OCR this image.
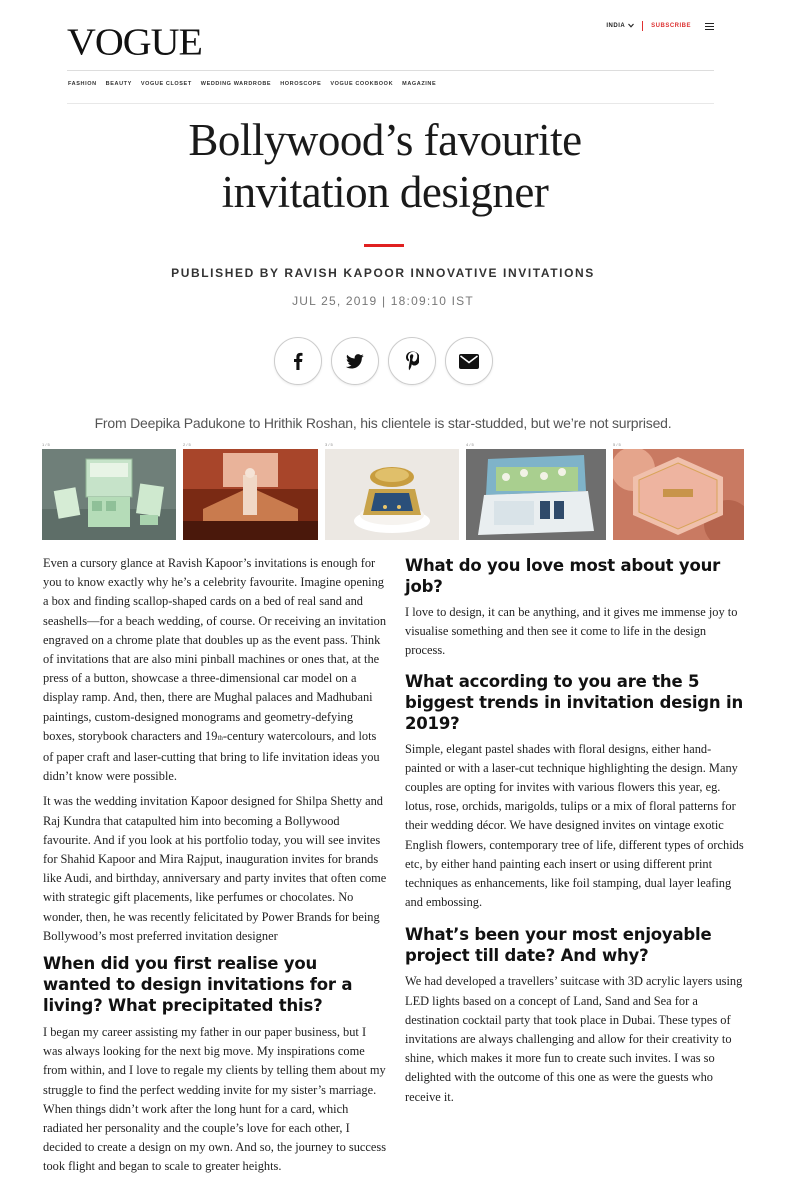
VOGUE	INDIA	SUBSCRIBE
FASHION BEAUTY VOGUE CLOSET WEDDING WARDROBE HOROSCOPE VOGUE COOKBOOK MAGAZINE
Bollywood’s favourite
invitation designer
PUBLISHED BY RAVISH KAPOOR INNOVATIVE INVITATIONS
JUL 25, 2019 | 18:09:10 IST
From Deepika Padukone to Hrithik Roshan, his clientele is star-studded, but we’re not surprised.
1 / 5	2 / 5	3 / 5	4 / 5	5 / 5

Even a cursory glance at Ravish Kapoor’s invitations is enough for you to know exactly why he’s a celebrity favourite. Imagine opening a box and finding scallop-shaped cards on a bed of real sand and seashells—for a beach wedding, of course. Or receiving an invitation engraved on a chrome plate that doubles up as the event pass. Think of invitations that are also mini pinball machines or ones that, at the press of a button, showcase a three-dimensional car model on a display ramp. And, then, there are Mughal palaces and Madhubani paintings, custom-designed monograms and geometry-defying boxes, storybook characters and 19th-century watercolours, and lots of paper craft and laser-cutting that bring to life invitation ideas you didn’t know were possible.

It was the wedding invitation Kapoor designed for Shilpa Shetty and Raj Kundra that catapulted him into becoming a Bollywood favourite. And if you look at his portfolio today, you will see invites for Shahid Kapoor and Mira Rajput, inauguration invites for brands like Audi, and birthday, anniversary and party invites that often come with strategic gift placements, like perfumes or chocolates. No wonder, then, he was recently felicitated by Power Brands for being Bollywood’s most preferred invitation designer

When did you first realise you wanted to design invitations for a living? What precipitated this?

I began my career assisting my father in our paper business, but I was always looking for the next big move. My inspirations come from within, and I love to regale my clients by telling them about my struggle to find the perfect wedding invite for my sister’s marriage. When things didn’t work after the long hunt for a card, which radiated her personality and the couple’s love for each other, I decided to create a design on my own. And so, the journey to success took flight and began to scale to greater heights.

What do you love most about your job?

I love to design, it can be anything, and it gives me immense joy to visualise something and then see it come to life in the design process.

What according to you are the 5 biggest trends in invitation design in 2019?

Simple, elegant pastel shades with floral designs, either hand-painted or with a laser-cut technique highlighting the design. Many couples are opting for invites with various flowers this year, eg. lotus, rose, orchids, marigolds, tulips or a mix of floral patterns for their wedding décor. We have designed invites on vintage exotic English flowers, contemporary tree of life, different types of orchids etc, by either hand painting each insert or using different print techniques as enhancements, like foil stamping, dual layer leafing and embossing.

What’s been your most enjoyable project till date? And why?

We had developed a travellers’ suitcase with 3D acrylic layers using LED lights based on a concept of Land, Sand and Sea for a destination cocktail party that took place in Dubai. These types of invitations are always challenging and allow for their creativity to shine, which makes it more fun to create such invites. I was so delighted with the outcome of this one as were the guests who receive it.
